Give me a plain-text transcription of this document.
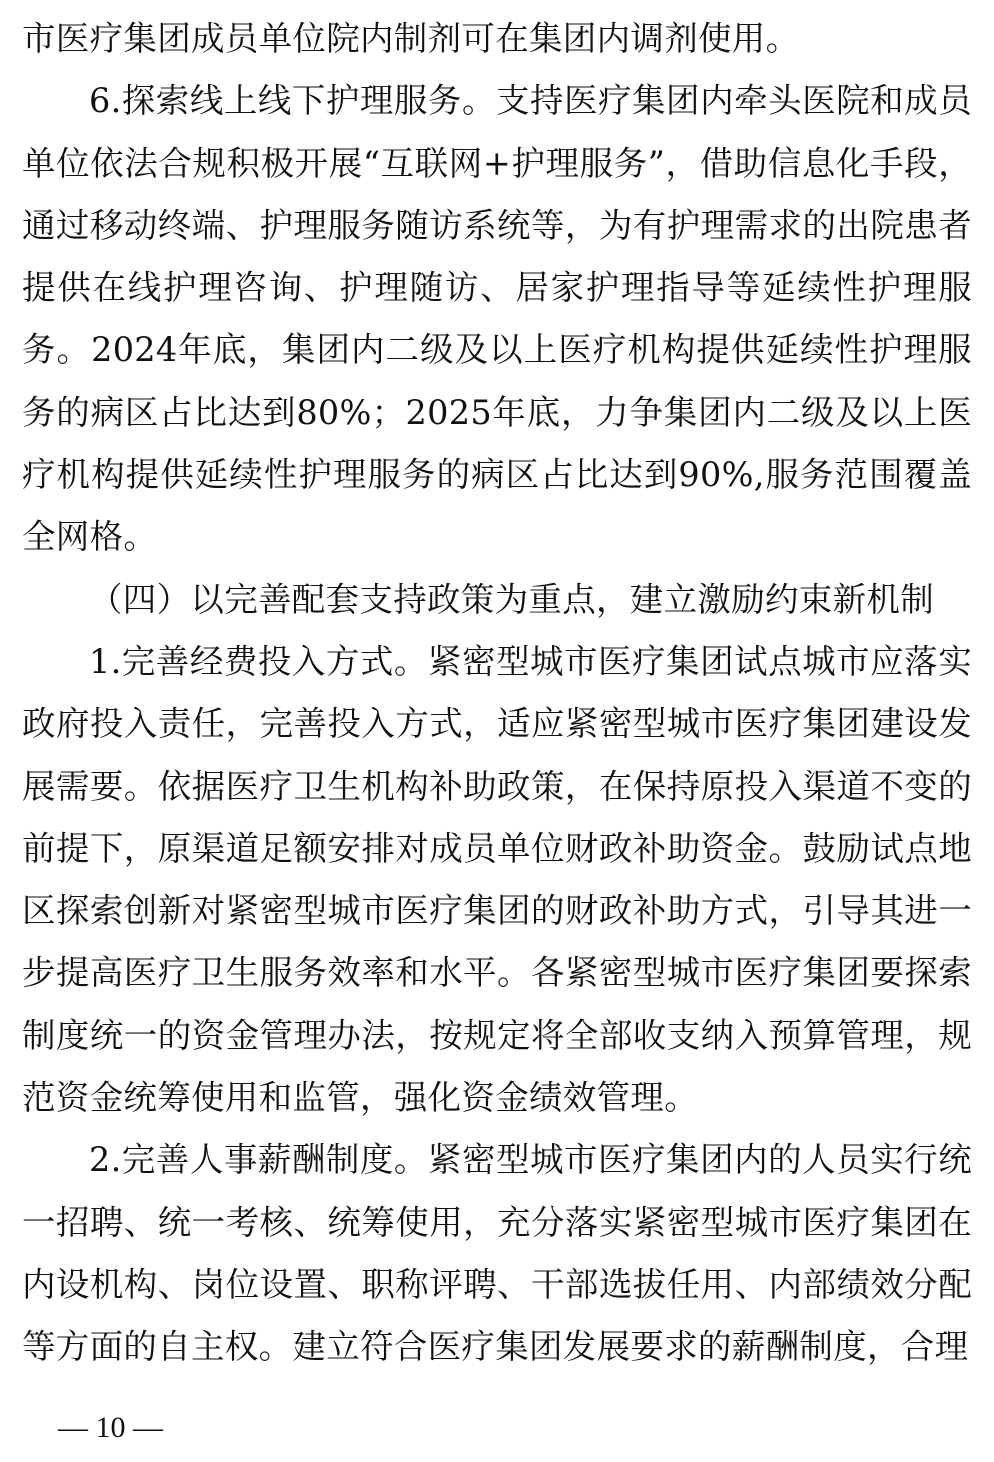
市医疗集团成员单位院内制剂可在集团内调剂使用。

6.探索线上线下护理服务。支持医疗集团内牵头医院和成员单位依法合规积极开展“互联网+护理服务”，借助信息化手段，通过移动终端、护理服务随访系统等，为有护理需求的出院患者提供在线护理咨询、护理随访、居家护理指导等延续性护理服务。2024年底，集团内二级及以上医疗机构提供延续性护理服务的病区占比达到80%；2025年底，力争集团内二级及以上医疗机构提供延续性护理服务的病区占比达到90%,服务范围覆盖全网格。

（四）以完善配套支持政策为重点，建立激励约束新机制

1.完善经费投入方式。紧密型城市医疗集团试点城市应落实政府投入责任，完善投入方式，适应紧密型城市医疗集团建设发展需要。依据医疗卫生机构补助政策，在保持原投入渠道不变的前提下，原渠道足额安排对成员单位财政补助资金。鼓励试点地区探索创新对紧密型城市医疗集团的财政补助方式，引导其进一步提高医疗卫生服务效率和水平。各紧密型城市医疗集团要探索制度统一的资金管理办法，按规定将全部收支纳入预算管理，规范资金统筹使用和监管，强化资金绩效管理。

2.完善人事薪酬制度。紧密型城市医疗集团内的人员实行统一招聘、统一考核、统筹使用，充分落实紧密型城市医疗集团在内设机构、岗位设置、职称评聘、干部选拔任用、内部绩效分配等方面的自主权。建立符合医疗集团发展要求的薪酬制度，合理

— 10 —
